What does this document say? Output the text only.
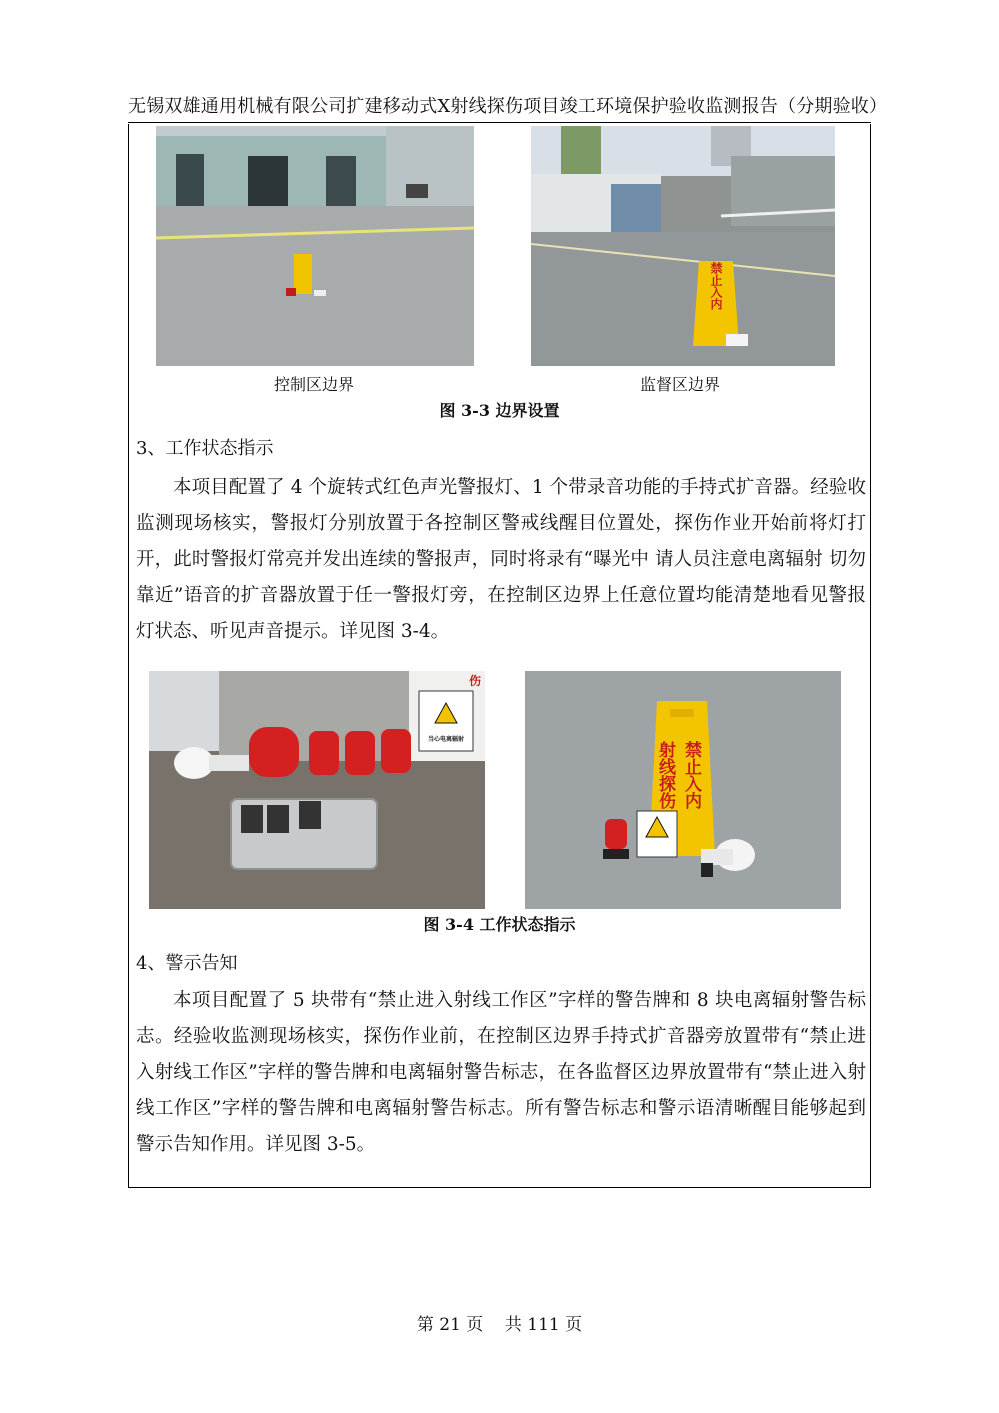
无锡双雄通用机械有限公司扩建移动式X射线探伤项目竣工环境保护验收监测报告（分期验收）
禁止入内
控制区边界	监督区边界
图 3-3 边界设置
3、工作状态指示

本项目配置了 4 个旋转式红色声光警报灯、1 个带录音功能的手持式扩音器。经验收监测现场核实，警报灯分别放置于各控制区警戒线醒目位置处，探伤作业开始前将灯打开，此时警报灯常亮并发出连续的警报声，同时将录有“曝光中 请人员注意电离辐射 切勿靠近”语音的扩音器放置于任一警报灯旁，在控制区边界上任意位置均能清楚地看见警报灯状态、听见声音提示。详见图 3-4。

当心电离辐射
伤
禁止入内
射线探伤
图 3-4 工作状态指示
4、警示告知

本项目配置了 5 块带有“禁止进入射线工作区”字样的警告牌和 8 块电离辐射警告标志。经验收监测现场核实，探伤作业前，在控制区边界手持式扩音器旁放置带有“禁止进入射线工作区”字样的警告牌和电离辐射警告标志，在各监督区边界放置带有“禁止进入射线工作区”字样的警告牌和电离辐射警告标志。所有警告标志和警示语清晰醒目能够起到警示告知作用。详见图 3-5。

第 21 页    共 111 页
